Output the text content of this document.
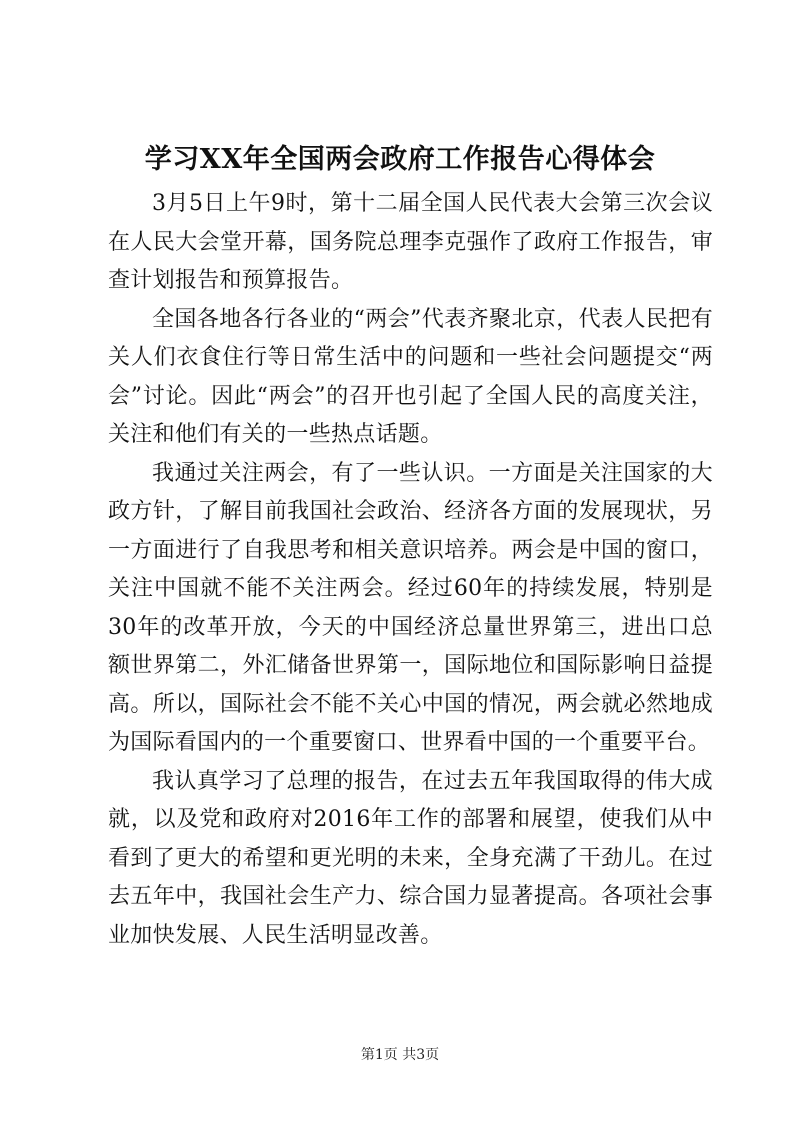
学习XX年全国两会政府工作报告心得体会

3月5日上午9时，第十二届全国人民代表大会第三次会议在人民大会堂开幕，国务院总理李克强作了政府工作报告，审查计划报告和预算报告。

全国各地各行各业的“两会”代表齐聚北京，代表人民把有关人们衣食住行等日常生活中的问题和一些社会问题提交“两会”讨论。因此“两会”的召开也引起了全国人民的高度关注，关注和他们有关的一些热点话题。

我通过关注两会，有了一些认识。一方面是关注国家的大政方针，了解目前我国社会政治、经济各方面的发展现状，另一方面进行了自我思考和相关意识培养。两会是中国的窗口，关注中国就不能不关注两会。经过60年的持续发展，特别是30年的改革开放，今天的中国经济总量世界第三，进出口总额世界第二，外汇储备世界第一，国际地位和国际影响日益提高。所以，国际社会不能不关心中国的情况，两会就必然地成为国际看国内的一个重要窗口、世界看中国的一个重要平台。

我认真学习了总理的报告，在过去五年我国取得的伟大成就，以及党和政府对2016年工作的部署和展望，使我们从中看到了更大的希望和更光明的未来，全身充满了干劲儿。在过去五年中，我国社会生产力、综合国力显著提高。各项社会事业加快发展、人民生活明显改善。

第1页 共3页
